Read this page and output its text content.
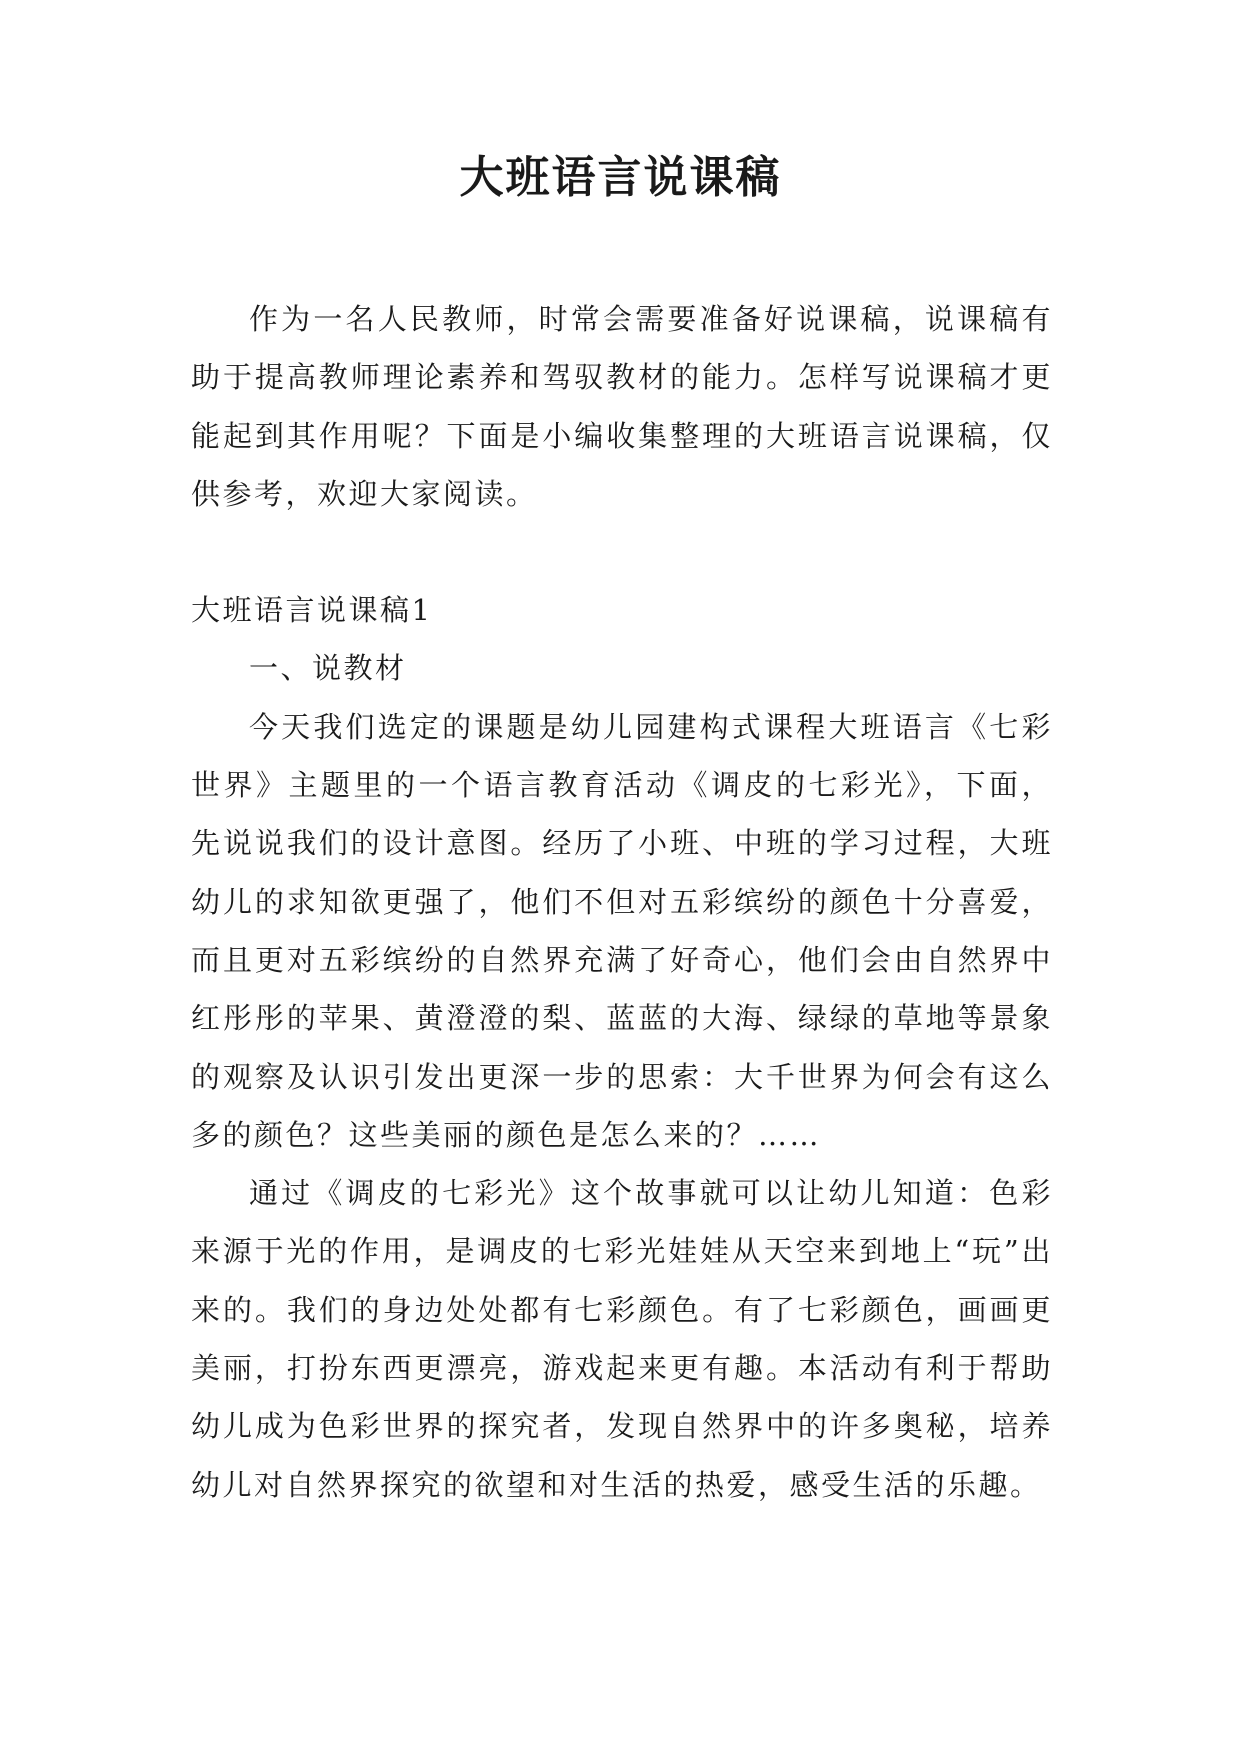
大班语言说课稿

作为一名人民教师，时常会需要准备好说课稿，说课稿有助于提高教师理论素养和驾驭教材的能力。怎样写说课稿才更能起到其作用呢？下面是小编收集整理的大班语言说课稿，仅供参考，欢迎大家阅读。

大班语言说课稿1

一、说教材

今天我们选定的课题是幼儿园建构式课程大班语言《七彩世界》主题里的一个语言教育活动《调皮的七彩光》，下面，先说说我们的设计意图。经历了小班、中班的学习过程，大班幼儿的求知欲更强了，他们不但对五彩缤纷的颜色十分喜爱，而且更对五彩缤纷的自然界充满了好奇心，他们会由自然界中红彤彤的苹果、黄澄澄的梨、蓝蓝的大海、绿绿的草地等景象的观察及认识引发出更深一步的思索：大千世界为何会有这么多的颜色？这些美丽的颜色是怎么来的？……

通过《调皮的七彩光》这个故事就可以让幼儿知道：色彩来源于光的作用，是调皮的七彩光娃娃从天空来到地上“玩”出来的。我们的身边处处都有七彩颜色。有了七彩颜色，画画更美丽，打扮东西更漂亮，游戏起来更有趣。本活动有利于帮助幼儿成为色彩世界的探究者，发现自然界中的许多奥秘，培养幼儿对自然界探究的欲望和对生活的热爱，感受生活的乐趣。
